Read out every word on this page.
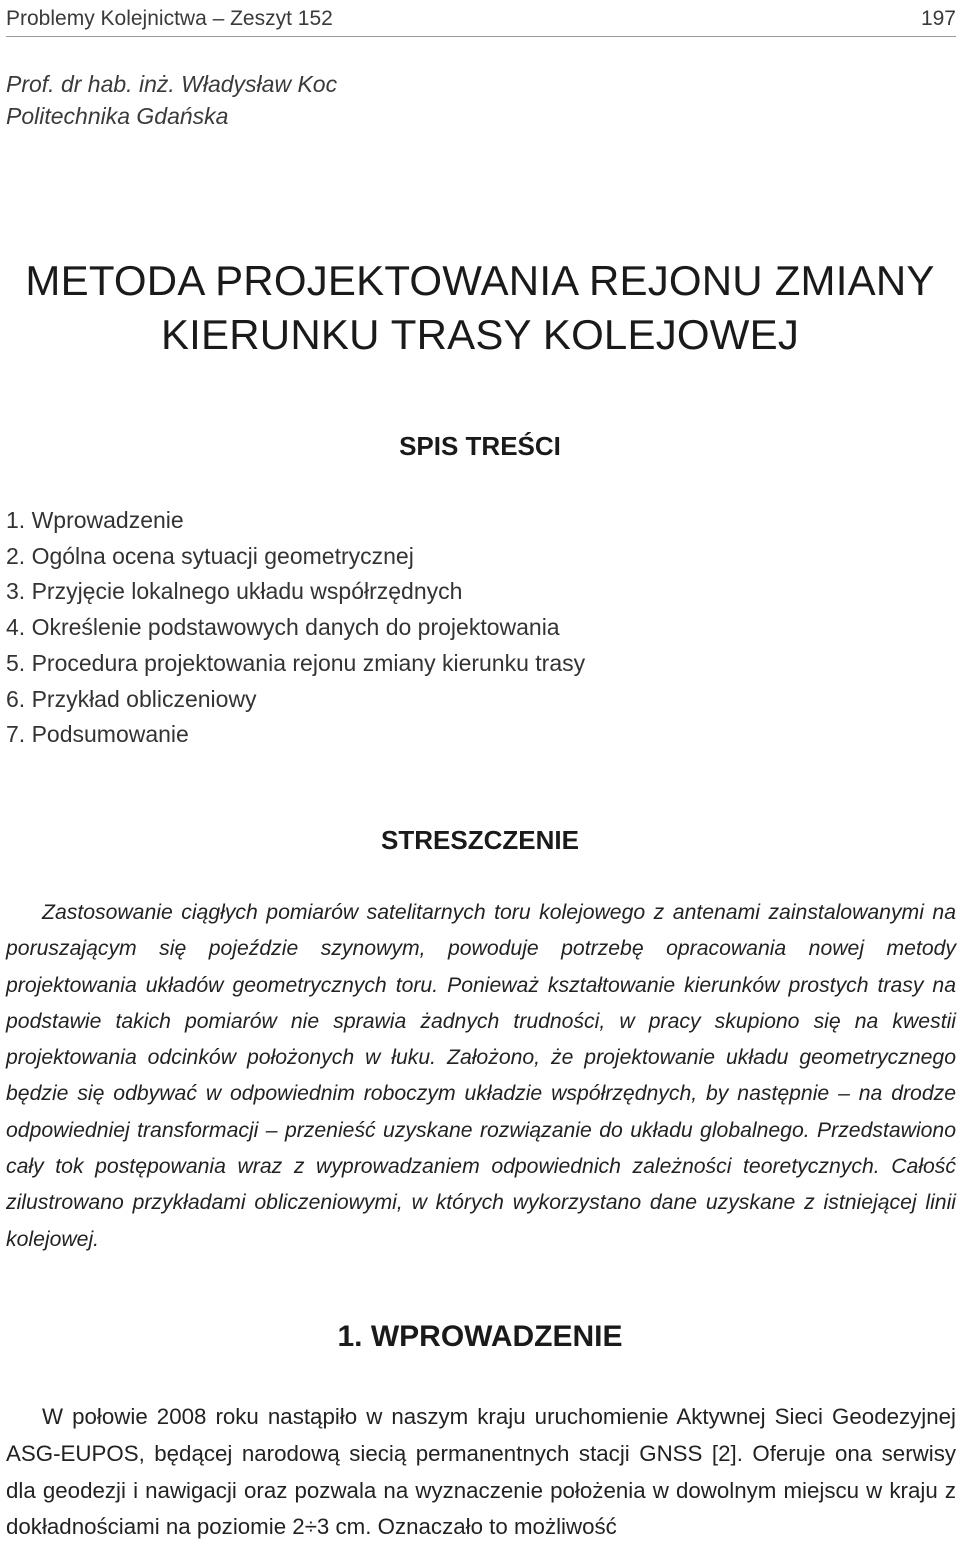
Problemy Kolejnictwa – Zeszyt 152	197
Prof. dr hab. inż. Władysław Koc
Politechnika Gdańska
METODA PROJEKTOWANIA REJONU ZMIANY
KIERUNKU TRASY KOLEJOWEJ
SPIS TREŚCI
1. Wprowadzenie
2. Ogólna ocena sytuacji geometrycznej
3. Przyjęcie lokalnego układu współrzędnych
4. Określenie podstawowych danych do projektowania
5. Procedura projektowania rejonu zmiany kierunku trasy
6. Przykład obliczeniowy
7. Podsumowanie
STRESZCZENIE

Zastosowanie ciągłych pomiarów satelitarnych toru kolejowego z antenami zainstalowanymi na poruszającym się pojeździe szynowym, powoduje potrzebę opracowania nowej metody projektowania układów geometrycznych toru. Ponieważ kształtowanie kierunków prostych trasy na podstawie takich pomiarów nie sprawia żadnych trudności, w pracy skupiono się na kwestii projektowania odcinków położonych w łuku. Założono, że projektowanie układu geometrycznego będzie się odbywać w odpowiednim roboczym układzie współrzędnych, by następnie – na drodze odpowiedniej transformacji – przenieść uzyskane rozwiązanie do układu globalnego. Przedstawiono cały tok postępowania wraz z wyprowadzaniem odpowiednich zależności teoretycznych. Całość zilustrowano przykładami obliczeniowymi, w których wykorzystano dane uzyskane z istniejącej linii kolejowej.

1. WPROWADZENIE

W połowie 2008 roku nastąpiło w naszym kraju uruchomienie Aktywnej Sieci Geodezyjnej ASG-EUPOS, będącej narodową siecią permanentnych stacji GNSS [2]. Oferuje ona serwisy dla geodezji i nawigacji oraz pozwala na wyznaczenie położenia w dowolnym miejscu w kraju z dokładnościami na poziomie 2÷3 cm. Oznaczało to możliwość
